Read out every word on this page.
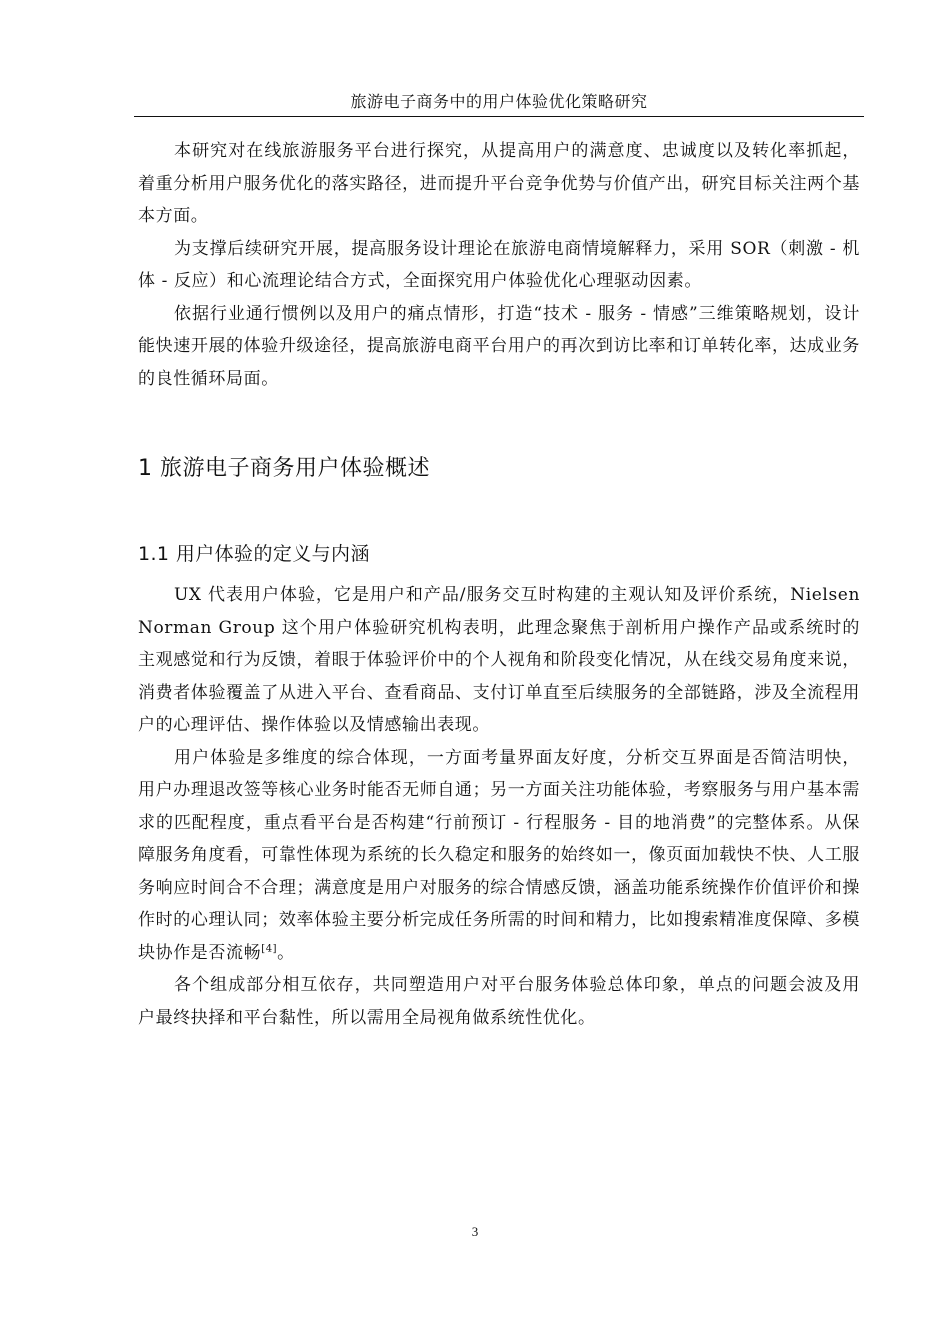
旅游电子商务中的用户体验优化策略研究

本研究对在线旅游服务平台进行探究，从提高用户的满意度、忠诚度以及转化率抓起，着重分析用户服务优化的落实路径，进而提升平台竞争优势与价值产出，研究目标关注两个基本方面。

为支撑后续研究开展，提高服务设计理论在旅游电商情境解释力，采用 SOR（刺激 - 机体 - 反应）和心流理论结合方式，全面探究用户体验优化心理驱动因素。

依据行业通行惯例以及用户的痛点情形，打造“技术 - 服务 - 情感”三维策略规划，设计能快速开展的体验升级途径，提高旅游电商平台用户的再次到访比率和订单转化率，达成业务的良性循环局面。

1 旅游电子商务用户体验概述
1.1 用户体验的定义与内涵

UX 代表用户体验，它是用户和产品/服务交互时构建的主观认知及评价系统，Nielsen Norman Group 这个用户体验研究机构表明，此理念聚焦于剖析用户操作产品或系统时的主观感觉和行为反馈，着眼于体验评价中的个人视角和阶段变化情况，从在线交易角度来说，消费者体验覆盖了从进入平台、查看商品、支付订单直至后续服务的全部链路，涉及全流程用户的心理评估、操作体验以及情感输出表现。

用户体验是多维度的综合体现，一方面考量界面友好度，分析交互界面是否简洁明快，用户办理退改签等核心业务时能否无师自通；另一方面关注功能体验，考察服务与用户基本需求的匹配程度，重点看平台是否构建“行前预订 - 行程服务 - 目的地消费”的完整体系。从保障服务角度看，可靠性体现为系统的长久稳定和服务的始终如一，像页面加载快不快、人工服务响应时间合不合理；满意度是用户对服务的综合情感反馈，涵盖功能系统操作价值评价和操作时的心理认同；效率体验主要分析完成任务所需的时间和精力，比如搜索精准度保障、多模块协作是否流畅[4]。

各个组成部分相互依存，共同塑造用户对平台服务体验总体印象，单点的问题会波及用户最终抉择和平台黏性，所以需用全局视角做系统性优化。

3
